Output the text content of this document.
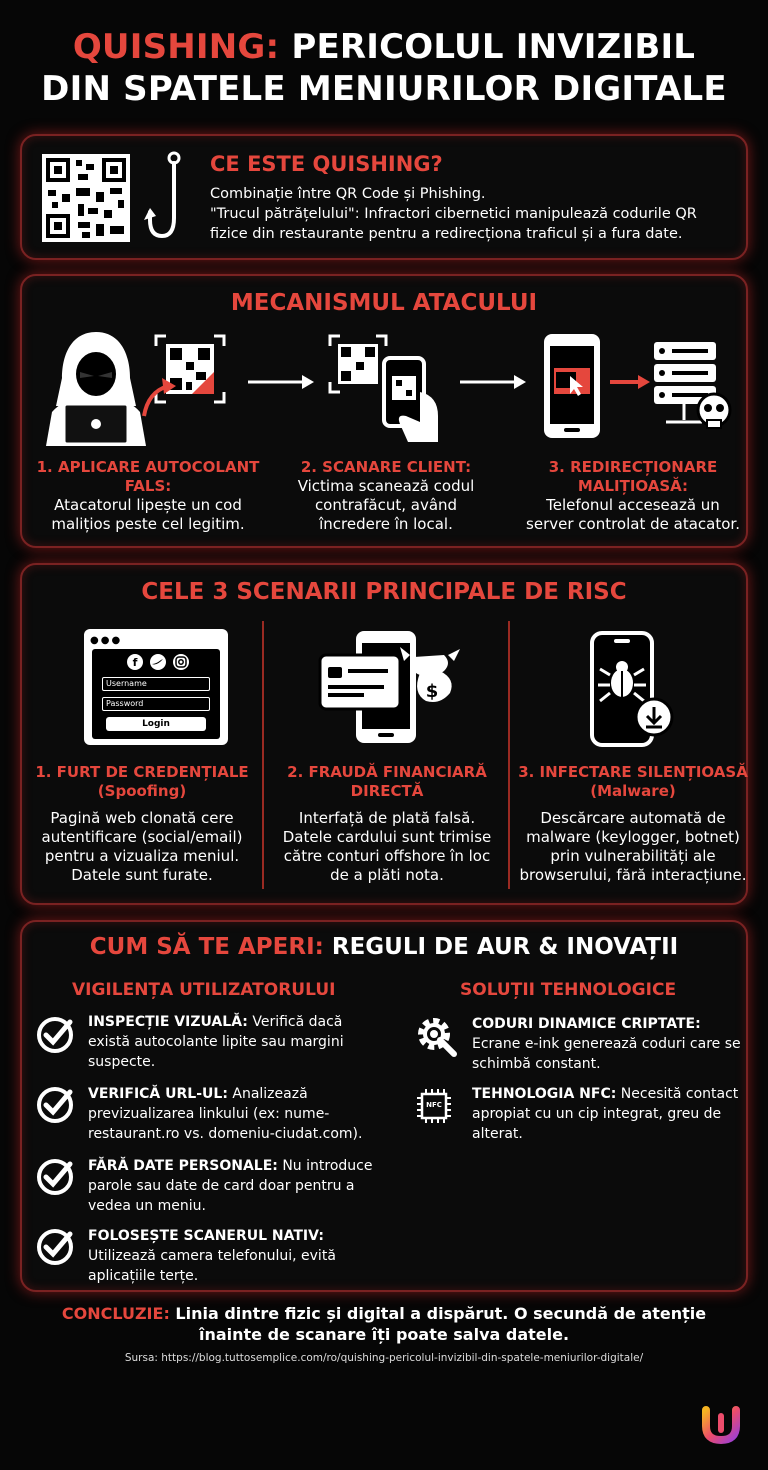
QUISHING: PERICOLUL INVIZIBIL
DIN SPATELE MENIURILOR DIGITALE
CE ESTE QUISHING?
Combinație între QR Code și Phishing.
"Trucul pătrățelului": Infractori cibernetici manipulează codurile QR fizice din restaurante pentru a redirecționa traficul și a fura date.
MECANISMUL ATACULUI
1. APLICARE AUTOCOLANT FALS:
Atacatorul lipește un cod malițios peste cel legitim.
2. SCANARE CLIENT:
Victima scanează codul contrafăcut, având încredere în local.
3. REDIRECȚIONARE MALIȚIOASĂ:
Telefonul accesează un server controlat de atacator.
CELE 3 SCENARII PRINCIPALE DE RISC
●●●
f
Username
Password
Login
$
1. FURT DE CREDENȚIALE (Spoofing)
Pagină web clonată cere autentificare (social/email) pentru a vizualiza meniul. Datele sunt furate.
2. FRAUDĂ FINANCIARĂ DIRECTĂ
Interfață de plată falsă. Datele cardului sunt trimise către conturi offshore în loc de a plăti nota.
3. INFECTARE SILENȚIOASĂ (Malware)
Descărcare automată de malware (keylogger, botnet) prin vulnerabilități ale browserului, fără interacțiune.
CUM SĂ TE APERI: REGULI DE AUR & INOVAȚII
VIGILENȚA UTILIZATORULUI	SOLUȚII TEHNOLOGICE
INSPECȚIE VIZUALĂ: Verifică dacă există autocolante lipite sau margini suspecte.
VERIFICĂ URL-UL: Analizează previzualizarea linkului (ex: nume-restaurant.ro vs. domeniu-ciudat.com).
FĂRĂ DATE PERSONALE: Nu introduce parole sau date de card doar pentru a vedea un meniu.
FOLOSEȘTE SCANERUL NATIV:
Utilizează camera telefonului, evită aplicațiile terțe.
CODURI DINAMICE CRIPTATE:
Ecrane e-ink generează coduri care se schimbă constant.
NFC
TEHNOLOGIA NFC: Necesită contact apropiat cu un cip integrat, greu de alterat.
CONCLUZIE: Linia dintre fizic și digital a dispărut. O secundă de atenție înainte de scanare îți poate salva datele.
Sursa: https://blog.tuttosemplice.com/ro/quishing-pericolul-invizibil-din-spatele-meniurilor-digitale/
